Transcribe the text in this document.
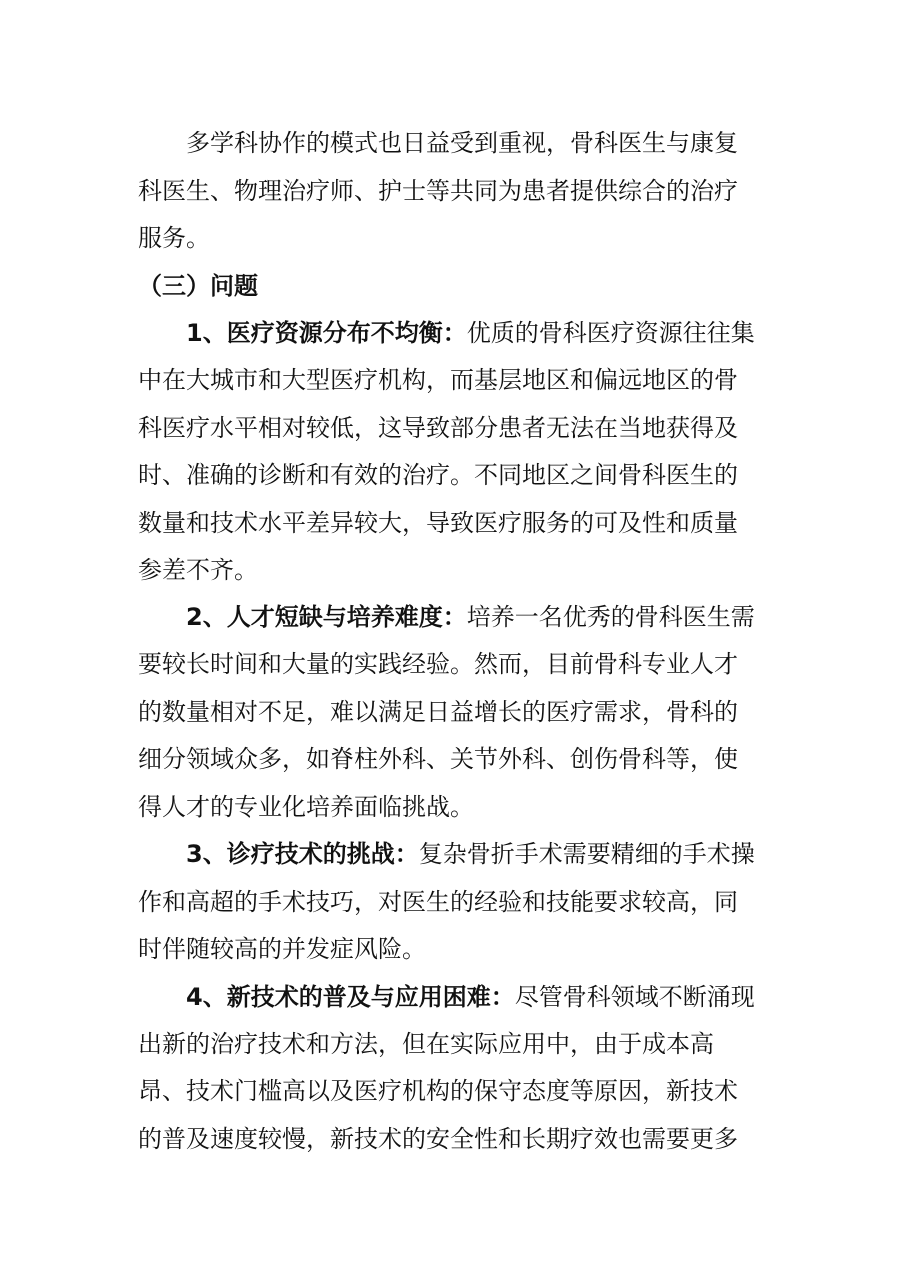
多学科协作的模式也日益受到重视，骨科医生与康复
科医生、物理治疗师、护士等共同为患者提供综合的治疗
服务。
（三）问题
1、医疗资源分布不均衡：优质的骨科医疗资源往往集
中在大城市和大型医疗机构，而基层地区和偏远地区的骨
科医疗水平相对较低，这导致部分患者无法在当地获得及
时、准确的诊断和有效的治疗。不同地区之间骨科医生的
数量和技术水平差异较大，导致医疗服务的可及性和质量
参差不齐。
2、人才短缺与培养难度：培养一名优秀的骨科医生需
要较长时间和大量的实践经验。然而，目前骨科专业人才
的数量相对不足，难以满足日益增长的医疗需求，骨科的
细分领域众多，如脊柱外科、关节外科、创伤骨科等，使
得人才的专业化培养面临挑战。
3、诊疗技术的挑战：复杂骨折手术需要精细的手术操
作和高超的手术技巧，对医生的经验和技能要求较高，同
时伴随较高的并发症风险。
4、新技术的普及与应用困难：尽管骨科领域不断涌现
出新的治疗技术和方法，但在实际应用中，由于成本高
昂、技术门槛高以及医疗机构的保守态度等原因，新技术
的普及速度较慢，新技术的安全性和长期疗效也需要更多
